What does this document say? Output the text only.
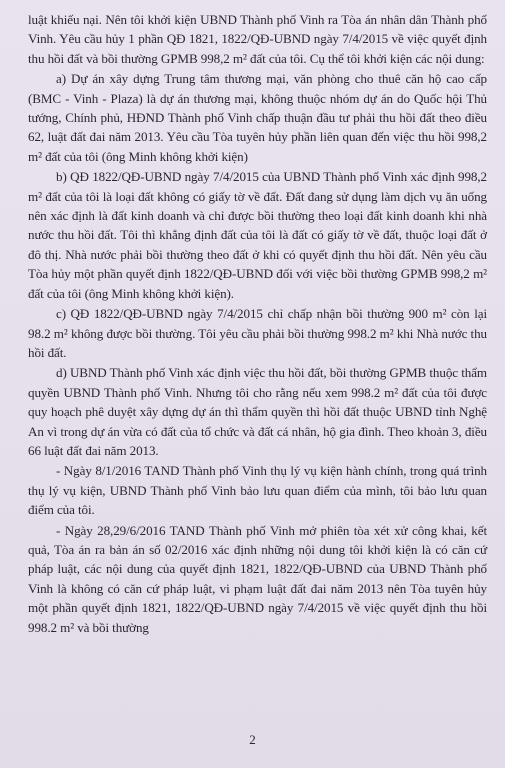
luật khiếu nại. Nên tôi khởi kiện UBND Thành phố Vinh ra Tòa án nhân dân Thành phố Vinh. Yêu cầu hủy 1 phần QĐ 1821, 1822/QĐ-UBND ngày 7/4/2015 về việc quyết định thu hồi đất và bồi thường GPMB 998,2 m² đất của tôi. Cụ thể tôi khởi kiện các nội dung:

a) Dự án xây dựng Trung tâm thương mại, văn phòng cho thuê căn hộ cao cấp (BMC - Vinh - Plaza) là dự án thương mại, không thuộc nhóm dự án do Quốc hội Thủ tướng, Chính phủ, HĐND Thành phố Vinh chấp thuận đầu tư phải thu hồi đất theo điều 62, luật đất đai năm 2013. Yêu cầu Tòa tuyên hủy phần liên quan đến việc thu hồi 998,2 m² đất của tôi (ông Minh không khởi kiện)

b) QĐ 1822/QĐ-UBND ngày 7/4/2015 của UBND Thành phố Vinh xác định 998,2 m² đất của tôi là loại đất không có giấy tờ về đất. Đất đang sử dụng làm dịch vụ ăn uống nên xác định là đất kinh doanh và chỉ được bồi thường theo loại đất kinh doanh khi nhà nước thu hồi đất. Tôi thì khẳng định đất của tôi là đất có giấy tờ về đất, thuộc loại đất ở đô thị. Nhà nước phải bồi thường theo đất ở khi có quyết định thu hồi đất. Nên yêu cầu Tòa hủy một phần quyết định 1822/QĐ-UBND đối với việc bồi thường GPMB 998,2 m² đất của tôi (ông Minh không khởi kiện).

c) QĐ 1822/QĐ-UBND ngày 7/4/2015 chỉ chấp nhận bồi thường 900 m² còn lại 98.2 m² không được bồi thường. Tôi yêu cầu phải bồi thường 998.2 m² khi Nhà nước thu hồi đất.

d) UBND Thành phố Vinh xác định việc thu hồi đất, bồi thường GPMB thuộc thẩm quyền UBND Thành phố Vinh. Nhưng tôi cho rằng nếu xem 998.2 m² đất của tôi được quy hoạch phê duyệt xây dựng dự án thì thẩm quyền thì hồi đất thuộc UBND tỉnh Nghệ An vì trong dự án vừa có đất của tổ chức và đất cá nhân, hộ gia đình. Theo khoản 3, điều 66 luật đất đai năm 2013.

- Ngày 8/1/2016 TAND Thành phố Vinh thụ lý vụ kiện hành chính, trong quá trình thụ lý vụ kiện, UBND Thành phố Vinh bảo lưu quan điểm của mình, tôi bảo lưu quan điểm của tôi.

- Ngày 28,29/6/2016 TAND Thành phố Vinh mở phiên tòa xét xử công khai, kết quả, Tòa án ra bản án số 02/2016 xác định những nội dung tôi khởi kiện là có căn cứ pháp luật, các nội dung của quyết định 1821, 1822/QĐ-UBND của UBND Thành phố Vinh là không có căn cứ pháp luật, vi phạm luật đất đai năm 2013 nên Tòa tuyên hủy một phần quyết định 1821, 1822/QĐ-UBND ngày 7/4/2015 về việc quyết định thu hồi 998.2 m² và bồi thường

2
